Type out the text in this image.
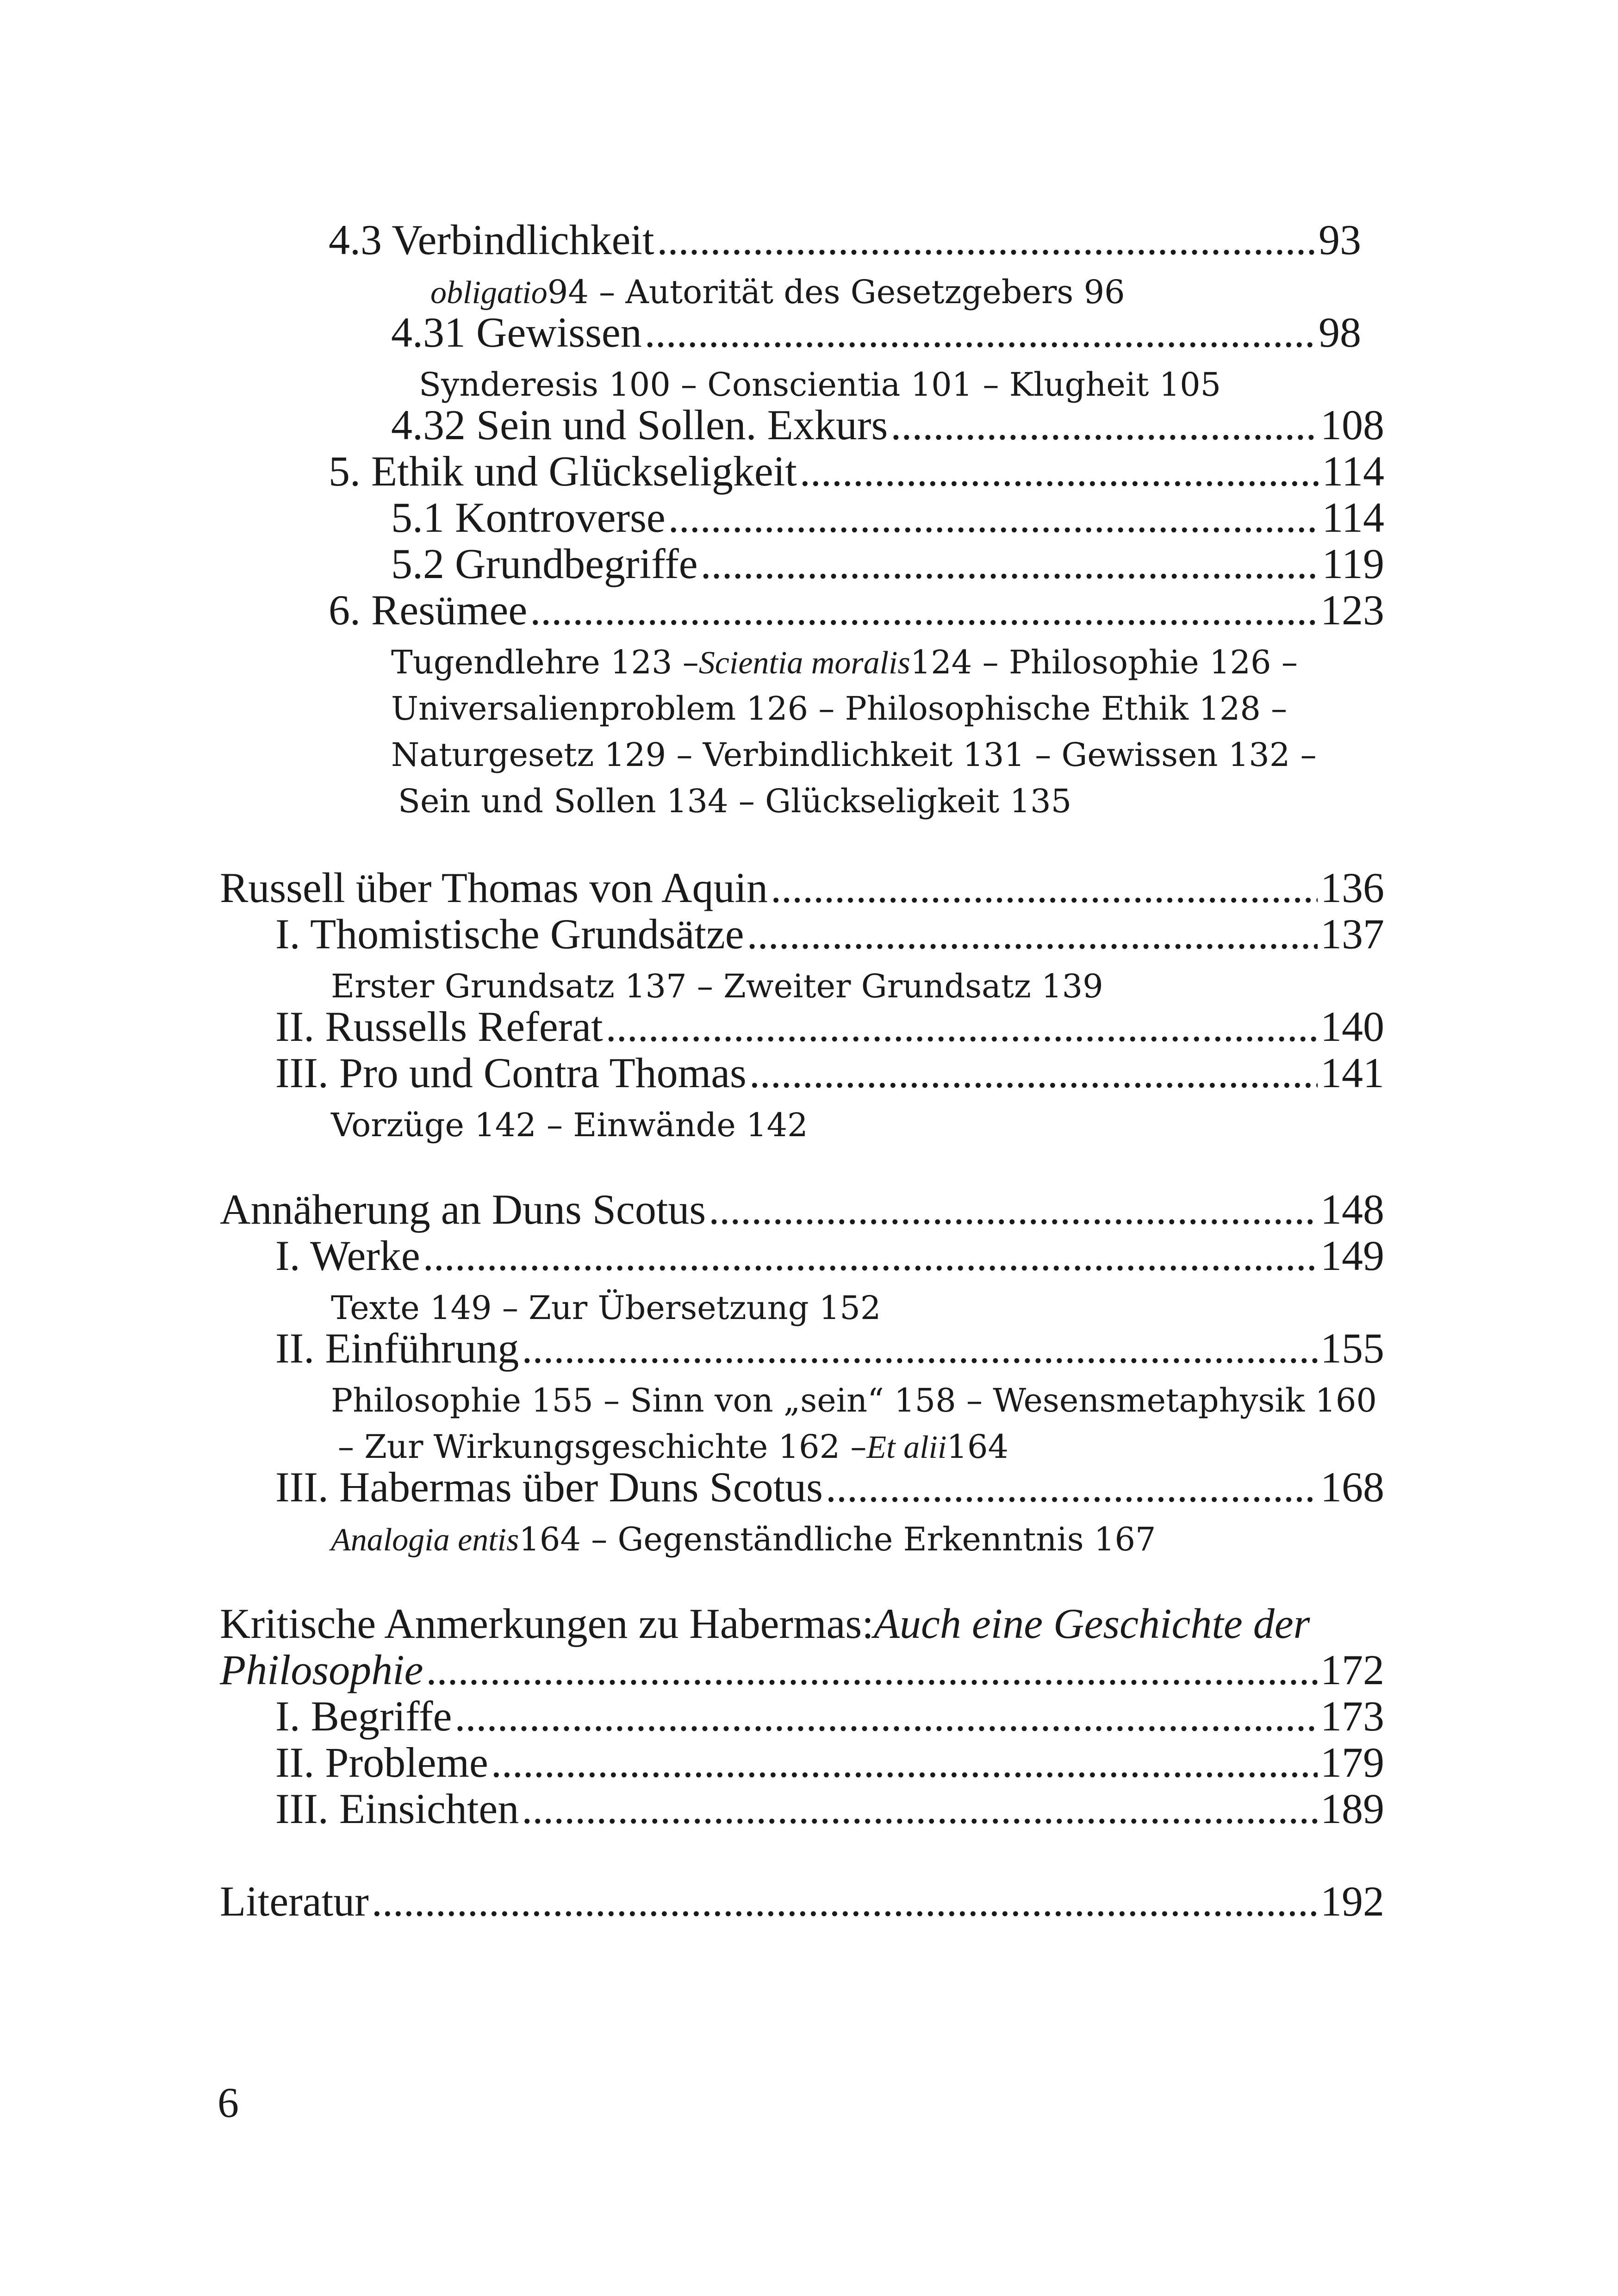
4.3 Verbindlichkeit .....	93
obligatio 94 – Autorität des Gesetzgebers 96
4.31 Gewissen .....	98
Synderesis 100 – Conscientia 101 – Klugheit 105
4.32 Sein und Sollen. Exkurs .....	108
5. Ethik und Glückseligkeit .....	114
5.1 Kontroverse .....	114
5.2 Grundbegriffe .....	119
6. Resümee .....	123
Tugendlehre 123 – Scientia moralis 124 – Philosophie 126 –
Universalienproblem 126 – Philosophische Ethik 128 –
Naturgesetz 129 – Verbindlichkeit 131 – Gewissen 132 –
Sein und Sollen 134 – Glückseligkeit 135
Russell über Thomas von Aquin .....	136
I. Thomistische Grundsätze .....	137
Erster Grundsatz 137 – Zweiter Grundsatz 139
II. Russells Referat .....	140
III. Pro und Contra Thomas .....	141
Vorzüge 142 – Einwände 142
Annäherung an Duns Scotus .....	148
I. Werke .....	149
Texte 149 – Zur Übersetzung 152
II. Einführung .....	155
Philosophie 155 – Sinn von „sein“ 158 – Wesensmetaphysik 160
– Zur Wirkungsgeschichte 162 – Et alii 164
III. Habermas über Duns Scotus .....	168
Analogia entis 164 – Gegenständliche Erkenntnis 167
Kritische Anmerkungen zu Habermas: Auch eine Geschichte der
Philosophie .....	172
I. Begriffe .....	173
II. Probleme .....	179
III. Einsichten .....	189
Literatur .....	192
6
